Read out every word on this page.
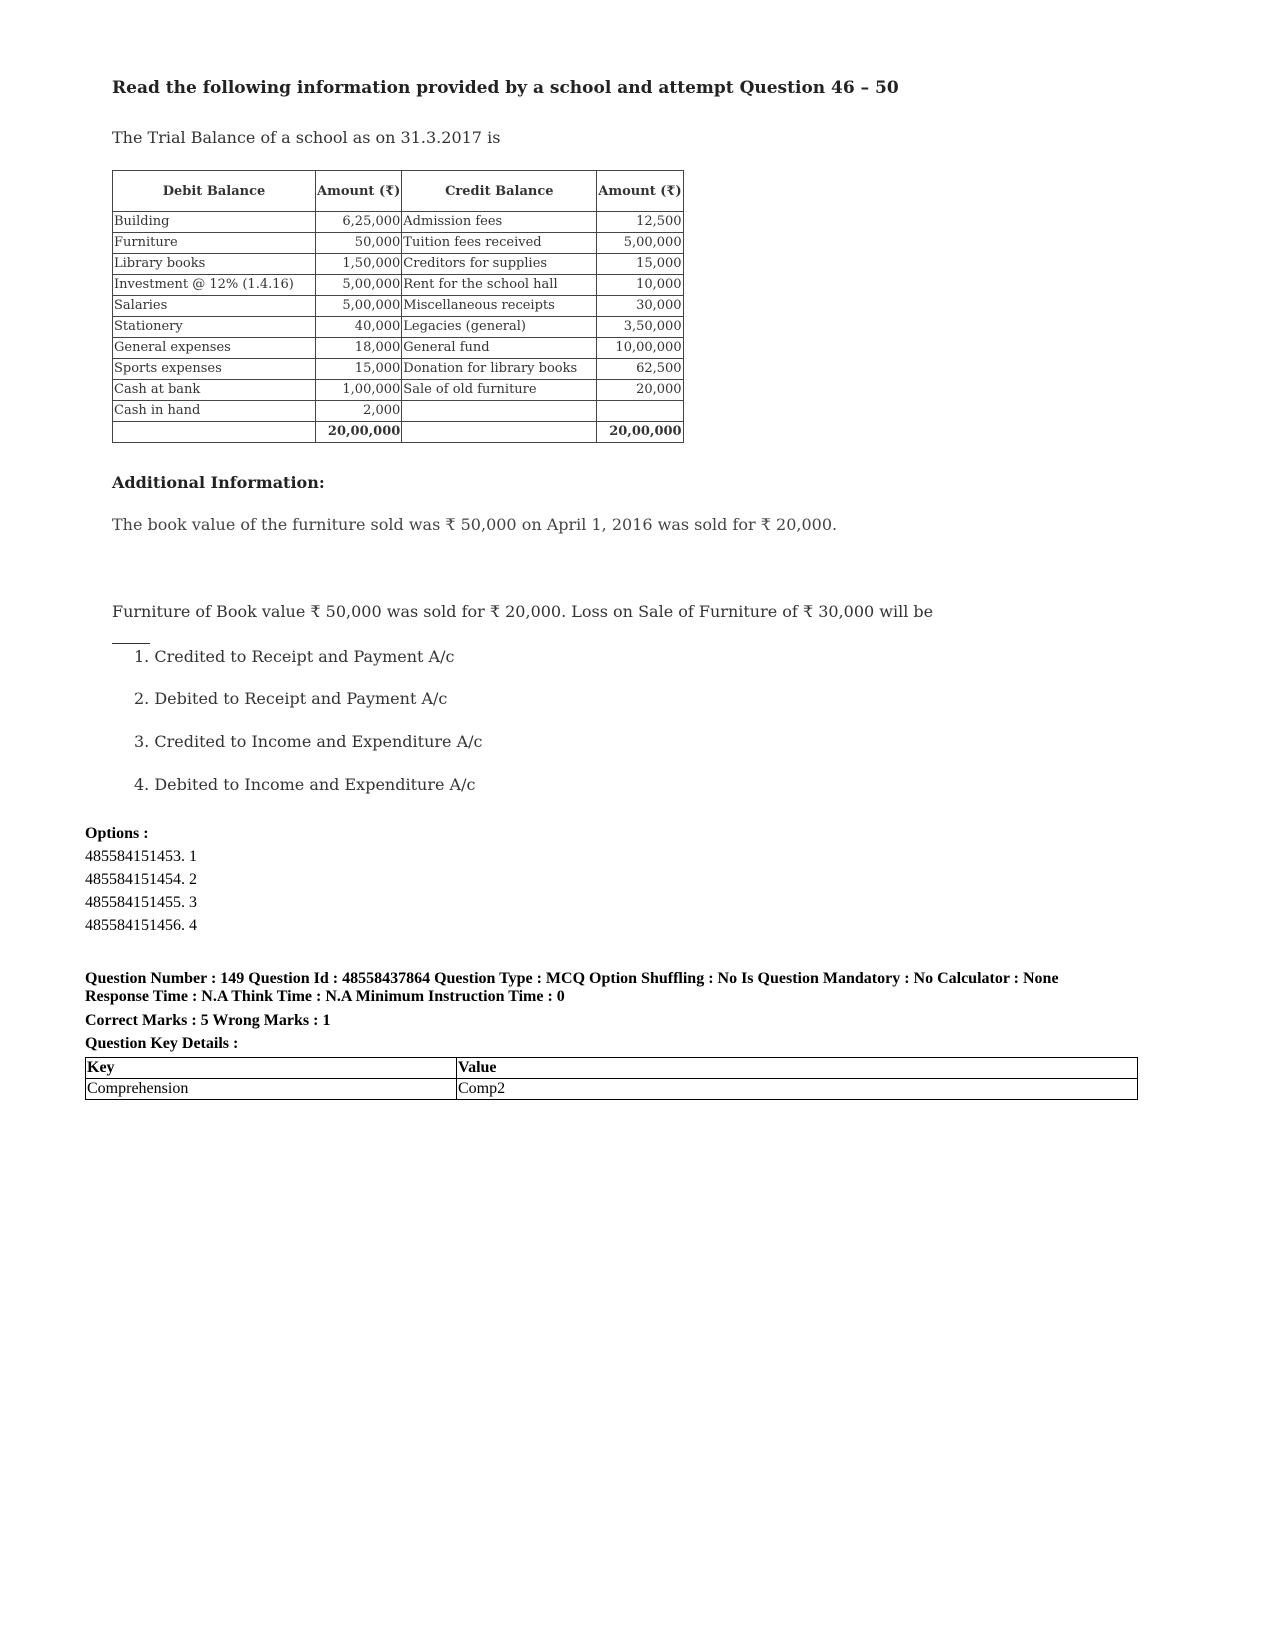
Read the following information provided by a school and attempt Question 46 – 50
The Trial Balance of a school as on 31.3.2017 is
Debit Balance	Amount (₹)	Credit Balance	Amount (₹)
Building	6,25,000	Admission fees	12,500
Furniture	50,000	Tuition fees received	5,00,000
Library books	1,50,000	Creditors for supplies	15,000
Investment @ 12% (1.4.16)	5,00,000	Rent for the school hall	10,000
Salaries	5,00,000	Miscellaneous receipts	30,000
Stationery	40,000	Legacies (general)	3,50,000
General expenses	18,000	General fund	10,00,000
Sports expenses	15,000	Donation for library books	62,500
Cash at bank	1,00,000	Sale of old furniture	20,000
Cash in hand	2,000		
	20,00,000		20,00,000
Additional Information:
The book value of the furniture sold was ₹ 50,000 on April 1, 2016 was sold for ₹ 20,000.
Furniture of Book value ₹ 50,000 was sold for ₹ 20,000. Loss on Sale of Furniture of ₹ 30,000 will be
1. Credited to Receipt and Payment A/c
2. Debited to Receipt and Payment A/c
3. Credited to Income and Expenditure A/c
4. Debited to Income and Expenditure A/c
Options :
485584151453. 1
485584151454. 2
485584151455. 3
485584151456. 4
Question Number : 149 Question Id : 48558437864 Question Type : MCQ Option Shuffling : No Is Question Mandatory : No Calculator : None
Response Time : N.A Think Time : N.A Minimum Instruction Time : 0
Correct Marks : 5 Wrong Marks : 1
Question Key Details :
Key	Value
Comprehension	Comp2
